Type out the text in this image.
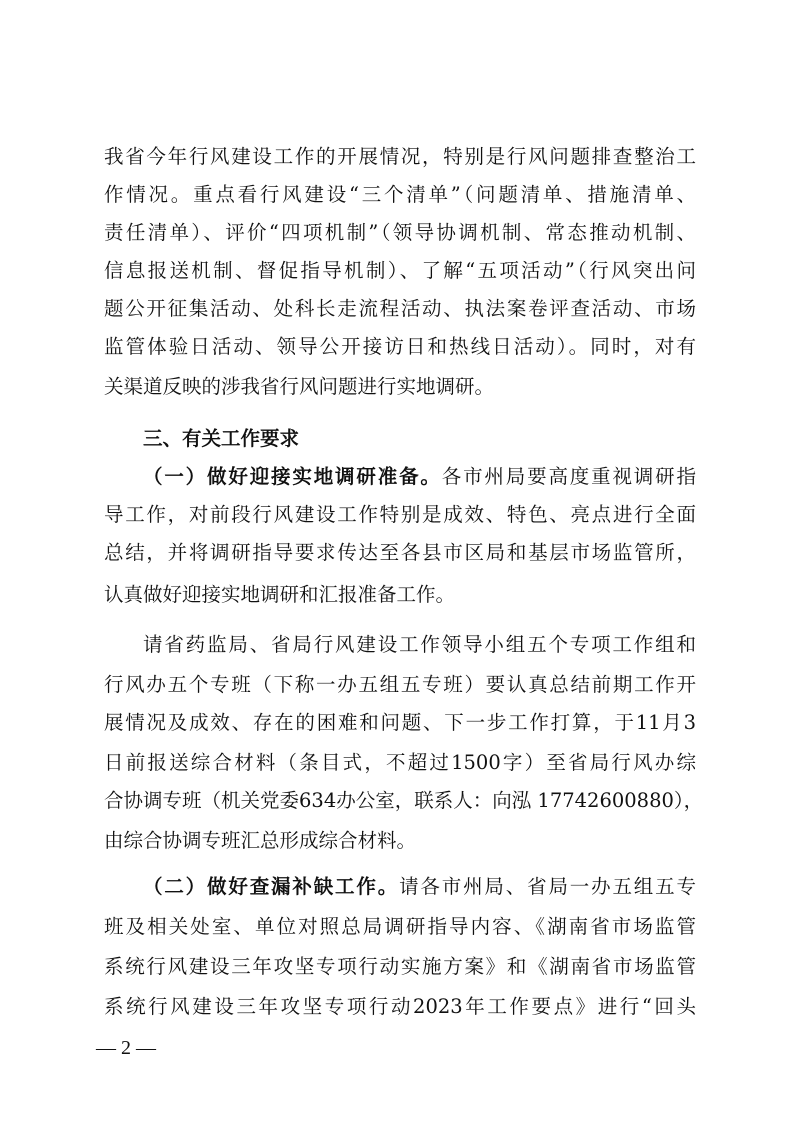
我省今年行风建设工作的开展情况，特别是行风问题排查整治工
作情况。重点看行风建设“三个清单”（问题清单、措施清单、
责任清单）、评价“四项机制”（领导协调机制、常态推动机制、
信息报送机制、督促指导机制）、了解“五项活动”（行风突出问
题公开征集活动、处科长走流程活动、执法案卷评查活动、市场
监管体验日活动、领导公开接访日和热线日活动）。同时，对有
关渠道反映的涉我省行风问题进行实地调研。
三、有关工作要求
（一）做好迎接实地调研准备。各市州局要高度重视调研指
导工作，对前段行风建设工作特别是成效、特色、亮点进行全面
总结，并将调研指导要求传达至各县市区局和基层市场监管所，
认真做好迎接实地调研和汇报准备工作。
请省药监局、省局行风建设工作领导小组五个专项工作组和
行风办五个专班（下称一办五组五专班）要认真总结前期工作开
展情况及成效、存在的困难和问题、下一步工作打算，于11月3
日前报送综合材料（条目式，不超过1500字）至省局行风办综
合协调专班（机关党委634办公室，联系人：向泓 17742600880），
由综合协调专班汇总形成综合材料。
（二）做好查漏补缺工作。请各市州局、省局一办五组五专
班及相关处室、单位对照总局调研指导内容、《湖南省市场监管
系统行风建设三年攻坚专项行动实施方案》和《湖南省市场监管
系统行风建设三年攻坚专项行动2023年工作要点》进行“回头
— 2 —
